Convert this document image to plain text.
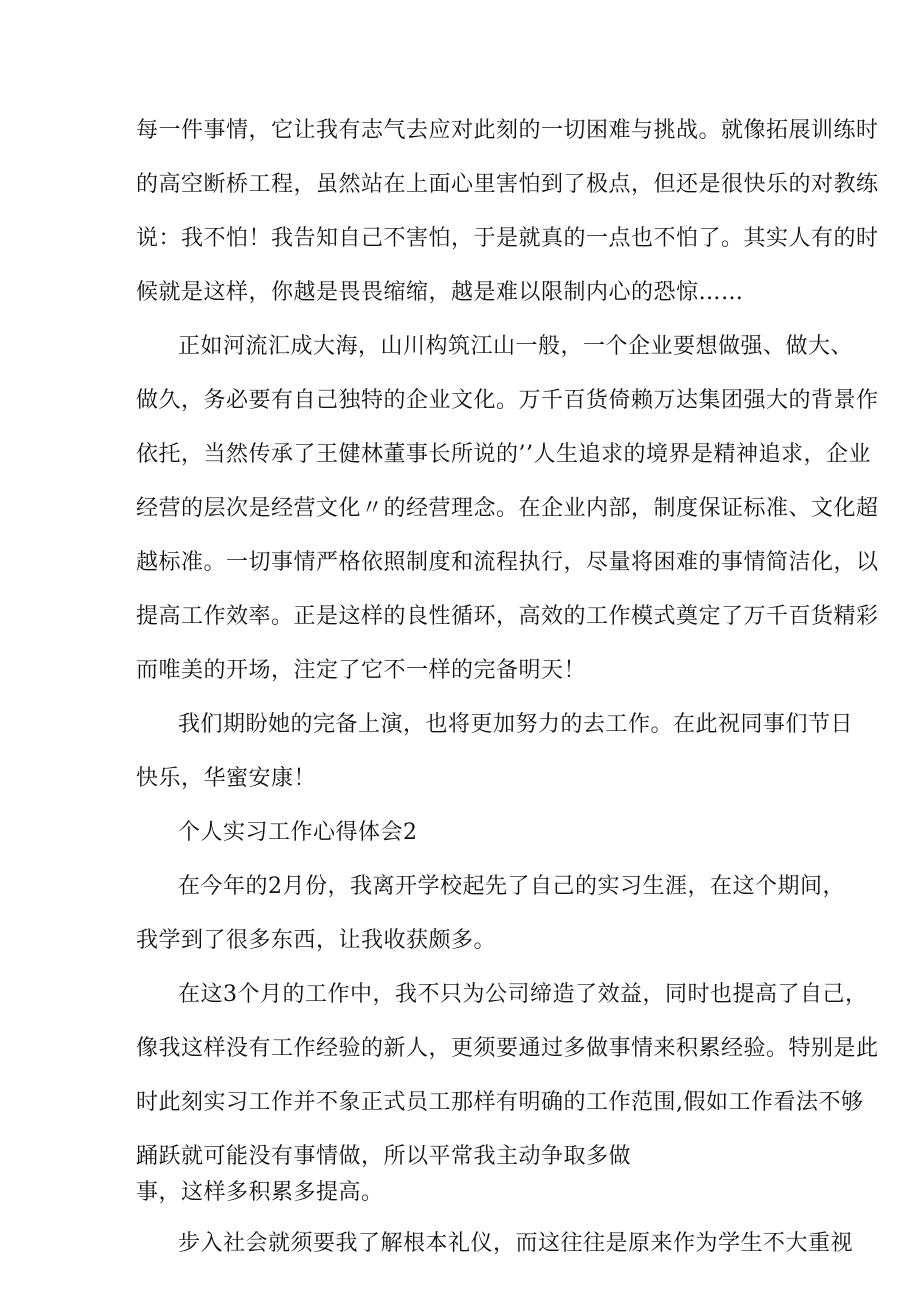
每一件事情，它让我有志气去应对此刻的一切困难与挑战。就像拓展训练时
的高空断桥工程，虽然站在上面心里害怕到了极点，但还是很快乐的对教练
说：我不怕！我告知自己不害怕，于是就真的一点也不怕了。其实人有的时
候就是这样，你越是畏畏缩缩，越是难以限制内心的恐惊……
正如河流汇成大海，山川构筑江山一般，一个企业要想做强、做大、
做久，务必要有自己独特的企业文化。万千百货倚赖万达集团强大的背景作
依托，当然传承了王健林董事长所说的’’人生追求的境界是精神追求，企业
经营的层次是经营文化〃的经营理念。在企业内部，制度保证标准、文化超
越标准。一切事情严格依照制度和流程执行，尽量将困难的事情简洁化，以
提高工作效率。正是这样的良性循环，高效的工作模式奠定了万千百货精彩
而唯美的开场，注定了它不一样的完备明天！
我们期盼她的完备上演，也将更加努力的去工作。在此祝同事们节日
快乐，华蜜安康！
个人实习工作心得体会2
在今年的2月份，我离开学校起先了自己的实习生涯，在这个期间，
我学到了很多东西，让我收获颇多。
在这3个月的工作中，我不只为公司缔造了效益，同时也提高了自己，
像我这样没有工作经验的新人，更须要通过多做事情来积累经验。特别是此
时此刻实习工作并不象正式员工那样有明确的工作范围,假如工作看法不够
踊跃就可能没有事情做，所以平常我主动争取多做
事，这样多积累多提高。
步入社会就须要我了解根本礼仪，而这往往是原来作为学生不大重视
